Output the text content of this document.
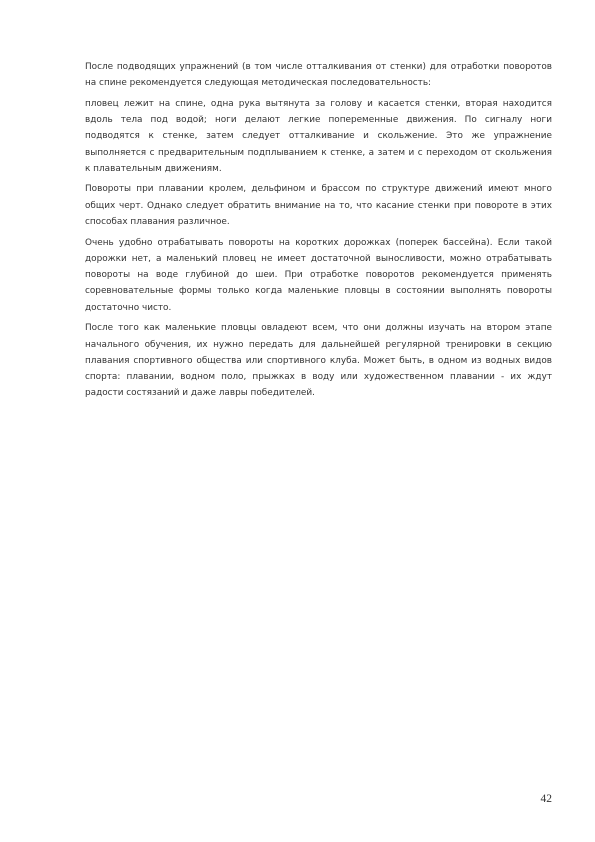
После подводящих упражнений (в том числе отталкивания от стенки) для отработки поворотов на спине рекомендуется следующая методическая последовательность:

пловец лежит на спине, одна рука вытянута за голову и касается стенки, вторая находится вдоль тела под водой; ноги делают легкие попеременные движения. По сигналу ноги подводятся к стенке, затем следует отталкивание и скольжение. Это же упражнение выполняется с предварительным подплыванием к стенке, а затем и с переходом от скольжения к плавательным движениям.

Повороты при плавании кролем, дельфином и брассом по структуре движений имеют много общих черт. Однако следует обратить внимание на то, что касание стенки при повороте в этих способах плавания различное.

Очень удобно отрабатывать повороты на коротких дорожках (поперек бассейна). Если такой дорожки нет, а маленький пловец не имеет достаточной выносливости, можно отрабатывать повороты на воде глубиной до шеи. При отработке поворотов рекомендуется применять соревновательные формы только когда маленькие пловцы в состоянии выполнять повороты достаточно чисто.

После того как маленькие пловцы овладеют всем, что они должны изучать на втором этапе начального обучения, их нужно передать для дальнейшей регулярной тренировки в секцию плавания спортивного общества или спортивного клуба. Может быть, в одном из водных видов спорта: плавании, водном поло, прыжках в воду или художественном плавании - их ждут радости состязаний и даже лавры победителей.

42
